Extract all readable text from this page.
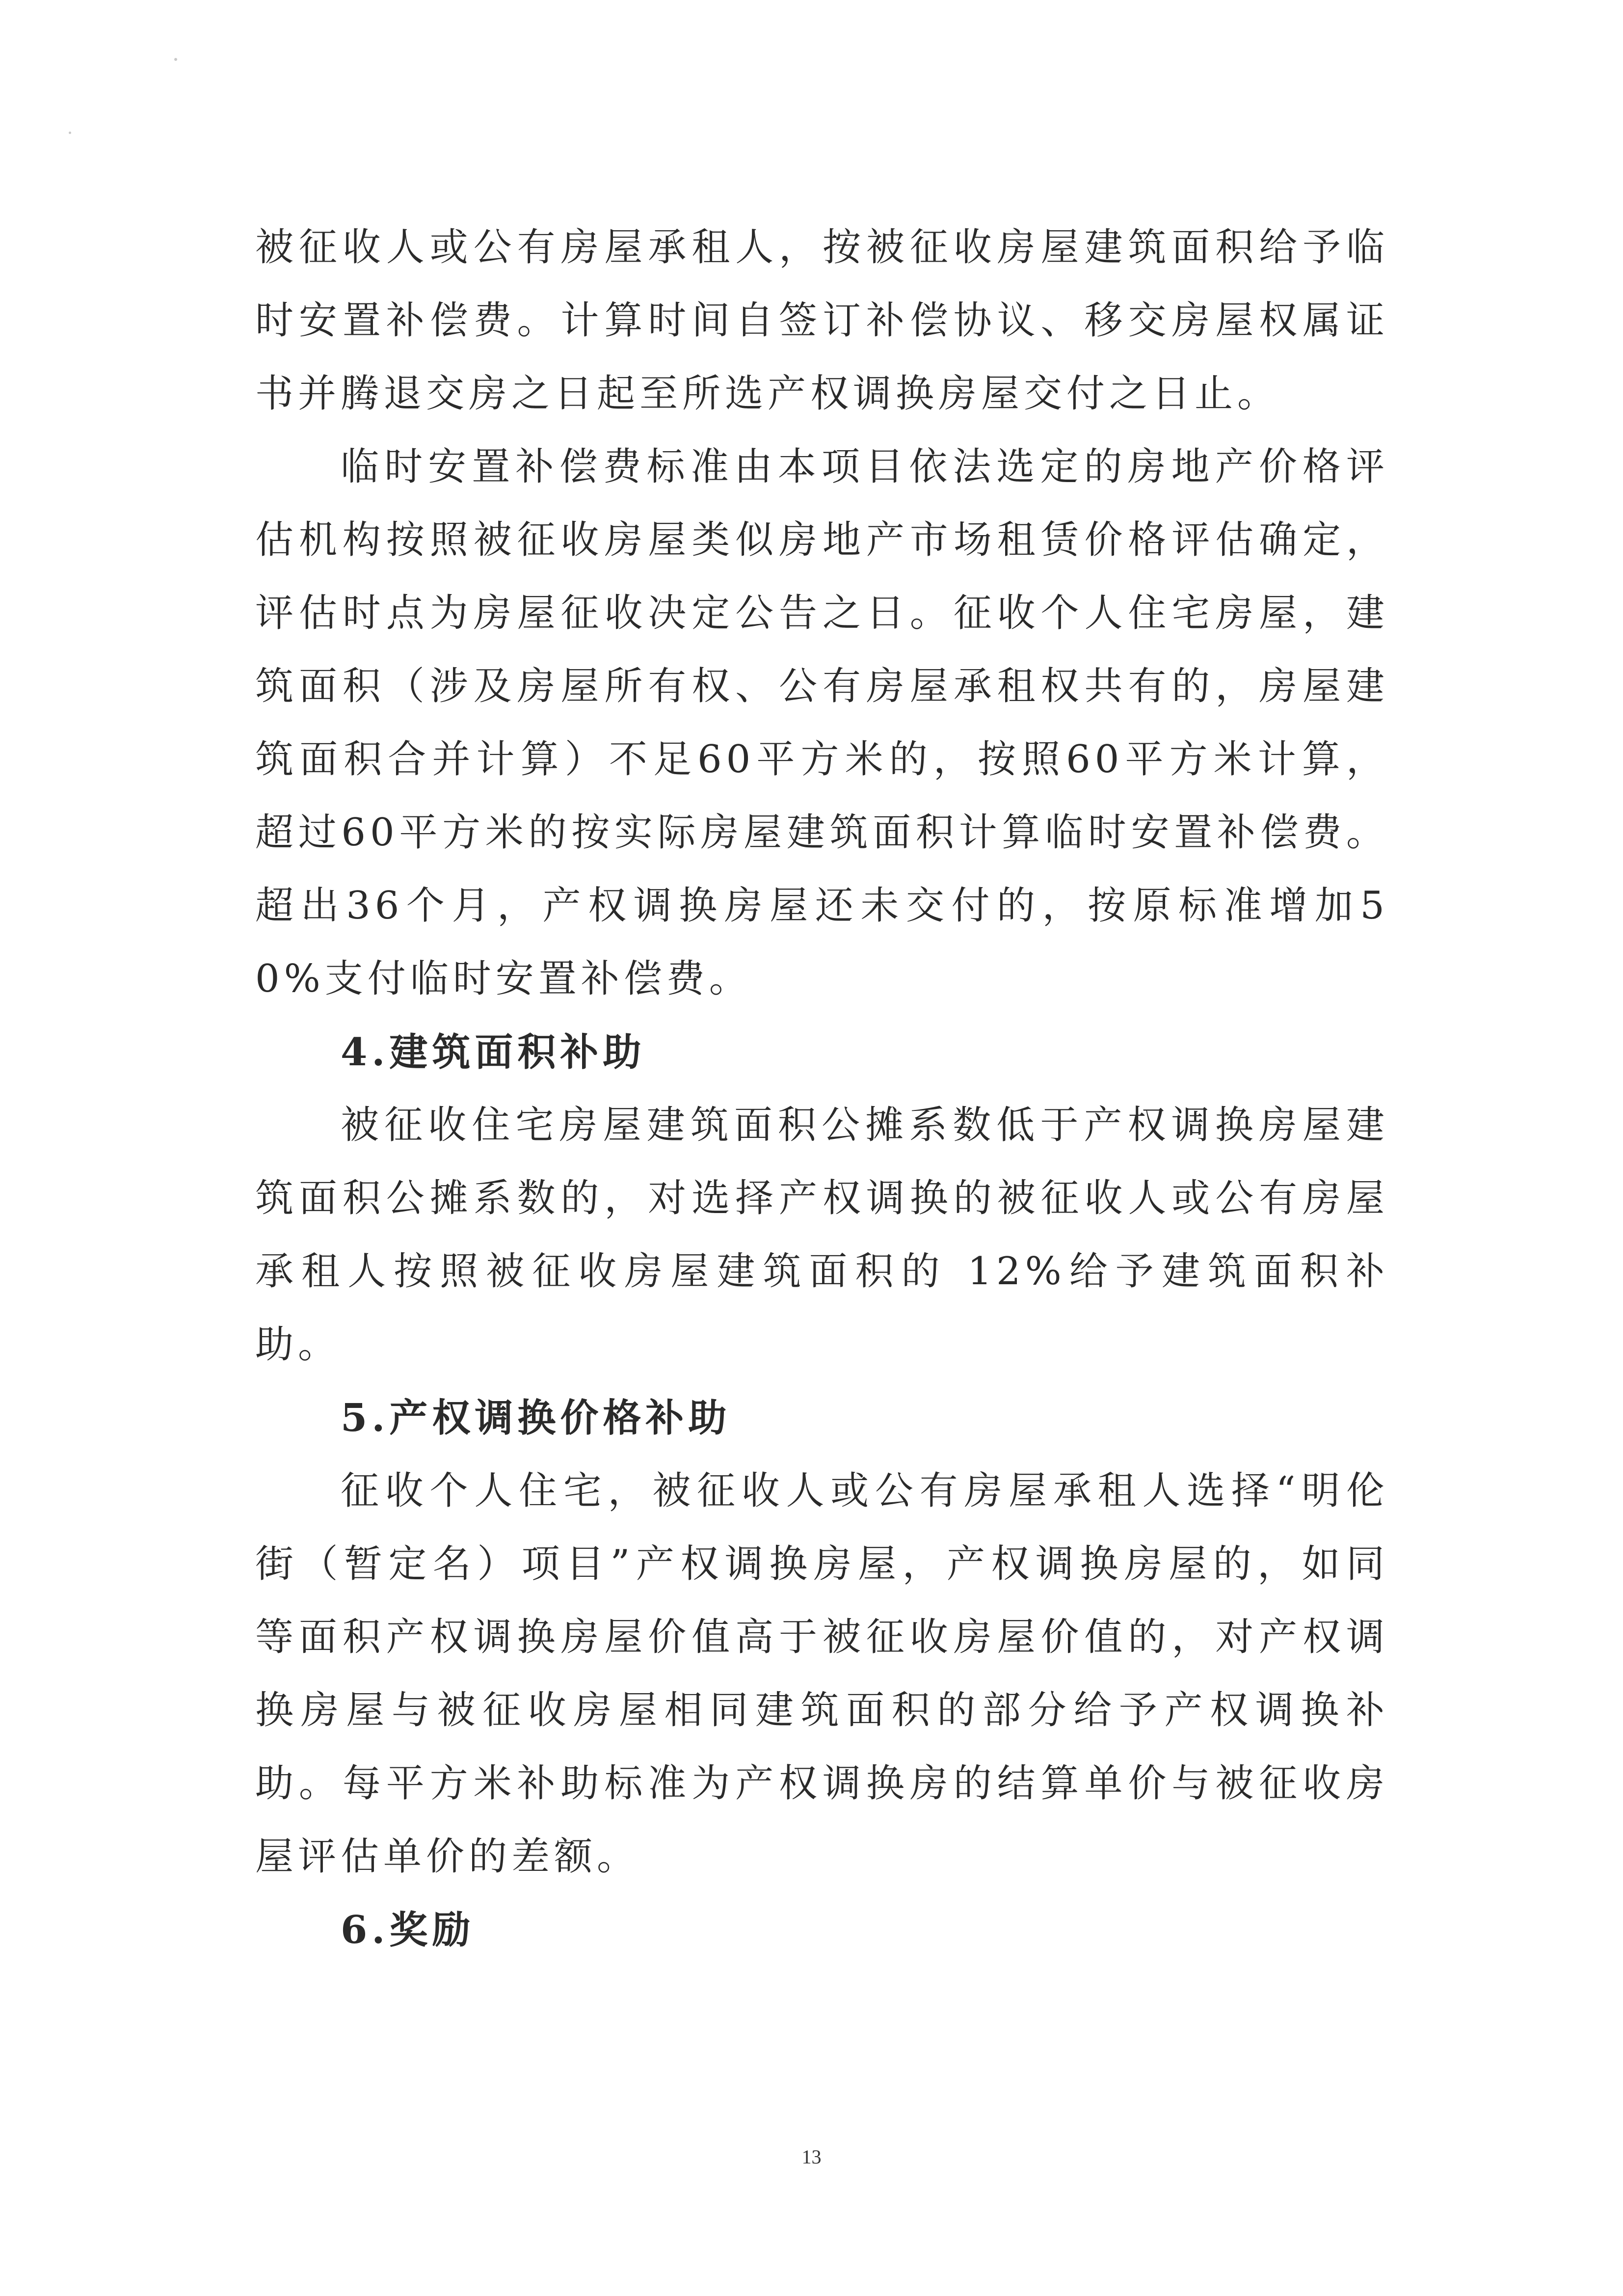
被征收人或公有房屋承租人，按被征收房屋建筑面积给予临时安置补偿费。计算时间自签订补偿协议、移交房屋权属证书并腾退交房之日起至所选产权调换房屋交付之日止。

临时安置补偿费标准由本项目依法选定的房地产价格评估机构按照被征收房屋类似房地产市场租赁价格评估确定，评估时点为房屋征收决定公告之日。征收个人住宅房屋，建筑面积（涉及房屋所有权、公有房屋承租权共有的，房屋建筑面积合并计算）不足60平方米的，按照60平方米计算，超过60平方米的按实际房屋建筑面积计算临时安置补偿费。超出36个月，产权调换房屋还未交付的，按原标准增加50%支付临时安置补偿费。

4.建筑面积补助

被征收住宅房屋建筑面积公摊系数低于产权调换房屋建筑面积公摊系数的，对选择产权调换的被征收人或公有房屋承租人按照被征收房屋建筑面积的 12%给予建筑面积补助。

5.产权调换价格补助

征收个人住宅，被征收人或公有房屋承租人选择“明伦街（暂定名）项目”产权调换房屋，产权调换房屋的，如同等面积产权调换房屋价值高于被征收房屋价值的，对产权调换房屋与被征收房屋相同建筑面积的部分给予产权调换补助。每平方米补助标准为产权调换房的结算单价与被征收房屋评估单价的差额。

6.奖励

13
